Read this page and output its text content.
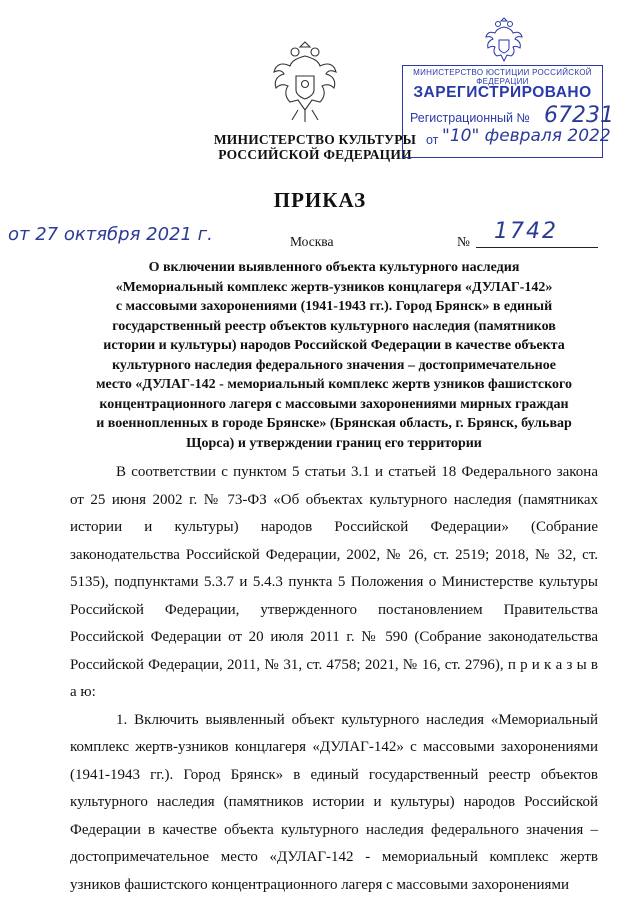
МИНИСТЕРСТВО КУЛЬТУРЫ
РОССИЙСКОЙ ФЕДЕРАЦИИ
МИНИСТЕРСТВО ЮСТИЦИИ РОССИЙСКОЙ ФЕДЕРАЦИИ
ЗАРЕГИСТРИРОВАНО
Регистрационный № 67231
от "10" февраля 2022
ПРИКАЗ
от 27 октября 2021 г.	Москва	№ 1742
О включении выявленного объекта культурного наследия
«Мемориальный комплекс жертв-узников концлагеря «ДУЛАГ-142»
с массовыми захоронениями (1941-1943 гг.). Город Брянск» в единый
государственный реестр объектов культурного наследия (памятников
истории и культуры) народов Российской Федерации в качестве объекта
культурного наследия федерального значения – достопримечательное
место «ДУЛАГ-142 - мемориальный комплекс жертв узников фашистского
концентрационного лагеря с массовыми захоронениями мирных граждан
и военнопленных в городе Брянске» (Брянская область, г. Брянск, бульвар
Щорса) и утверждении границ его территории

В соответствии с пунктом 5 статьи 3.1 и статьей 18 Федерального закона от 25 июня 2002 г. № 73-ФЗ «Об объектах культурного наследия (памятниках истории и культуры) народов Российской Федерации» (Собрание законодательства Российской Федерации, 2002, № 26, ст. 2519; 2018, № 32, ст. 5135), подпунктами 5.3.7 и 5.4.3 пункта 5 Положения о Министерстве культуры Российской Федерации, утвержденного постановлением Правительства Российской Федерации от 20 июля 2011 г. № 590 (Собрание законодательства Российской Федерации, 2011, № 31, ст. 4758; 2021, № 16, ст. 2796), п р и к а з ы в а ю:

1. Включить выявленный объект культурного наследия «Мемориальный комплекс жертв-узников концлагеря «ДУЛАГ-142» с массовыми захоронениями (1941-1943 гг.). Город Брянск» в единый государственный реестр объектов культурного наследия (памятников истории и культуры) народов Российской Федерации в качестве объекта культурного наследия федерального значения – достопримечательное место «ДУЛАГ-142 - мемориальный комплекс жертв узников фашистского концентрационного лагеря с массовыми захоронениями
